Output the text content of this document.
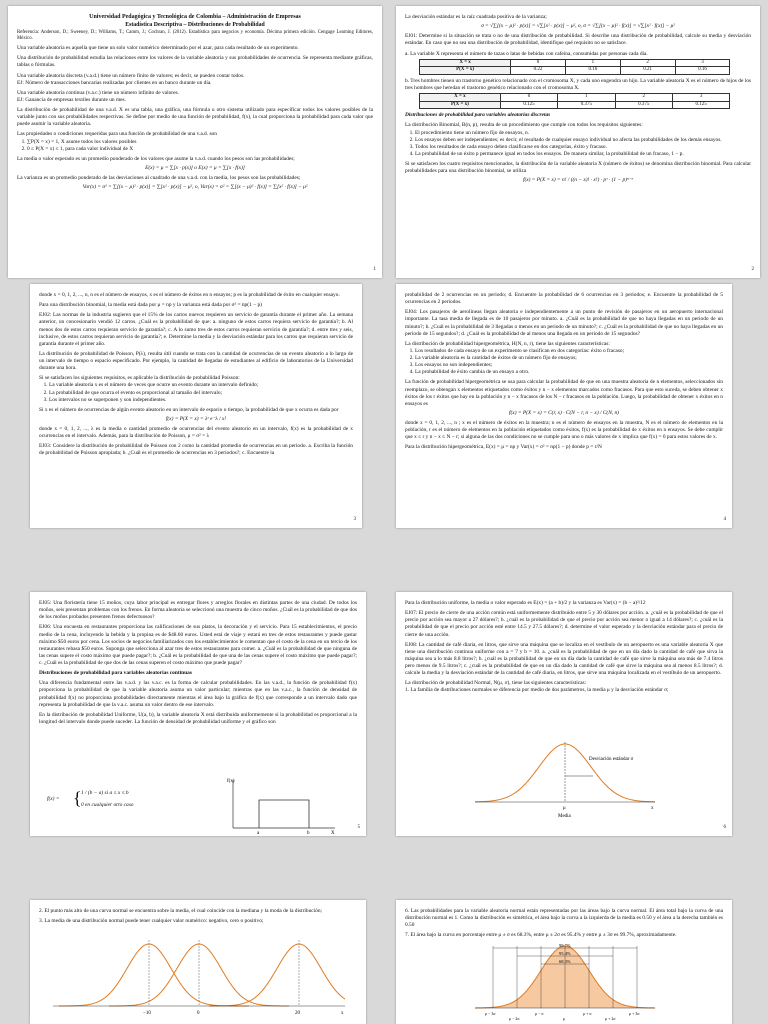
Universidad Pedagógica y Tecnológica de Colombia – Administración de Empresas
Estadística Descriptiva – Distribuciones de Probabilidad

Referencia: Anderson, D.; Sweeney, D.; Williams, T.; Camm, J.; Cochran, J. (2012). Estadística para negocios y economía. Décima primera edición. Cengage Learning Editores, México.

Una variable aleatoria es aquella que tiene un solo valor numérico determinado por el azar, para cada resultado de un experimento.

Una distribución de probabilidad estudia las relaciones entre los valores de la variable aleatoria y sus probabilidades de ocurrencia. Se representa mediante gráficas, tablas o fórmulas.

Una variable aleatoria discreta (v.a.d.) tiene un número finito de valores; es decir, se pueden contar todos.

EJ: Número de transacciones bancarias realizadas por clientes en un banco durante un día.

Una variable aleatoria continua (v.a.c.) tiene un número infinito de valores.

EJ: Ganancia de empresas textiles durante un mes.

La distribución de probabilidad de una v.a.d. X es una tabla, una gráfica, una fórmula u otro sistema utilizado para especificar todos los valores posibles de la variable junto con sus probabilidades respectivas. Se define por medio de una función de probabilidad, f(x), la cual proporciona la probabilidad para cada valor que puede asumir la variable aleatoria.

Las propiedades o condiciones requeridas para una función de probabilidad de una v.a.d. son

1. ∑P(X = x) = 1, X asume todos los valores posibles
2. 0 ≤ P(X = x) ≤ 1, para cada valor individual de X

La media o valor esperado es un promedio ponderado de los valores que asume la v.a.d. cuando los pesos son las probabilidades;

E(x) = μ = ∑[x · p(x)] o E(x) = μ = ∑[x · f(x)]

La varianza es un promedio ponderado de las desviaciones al cuadrado de una v.a.d. con la media, los pesos son las probabilidades;

Var(x) = σ² = ∑[(x − μ)² · p(x)] = ∑[x² · p(x)] − μ², o, Var(x) = σ² = ∑[(x − μ)² · f(x)] = ∑[x² · f(x)] − μ²
1

La desviación estándar es la raíz cuadrada positiva de la varianza;

σ = √∑[(x − μ)² · p(x)] = √∑[x² · p(x)] − μ², o, σ = √∑[(x − μ)² · f(x)] = √∑[x² · f(x)] − μ²

EJ01: Determine si la situación se trata o no de una distribución de probabilidad. Si describe una distribución de probabilidad, calcule su media y desviación estándar. En caso que no sea una distribución de probabilidad, identifique qué requisito no se satisface.

a. La variable X representa el número de tazas o latas de bebidas con cafeína, consumidas por personas cada día.

X = x	0	1	2	3
P(X = x)	0.22	0.16	0.21	0.16

b. Tres hombres tienen un trastorno genético relacionado con el cromosoma X, y cada uno engendra un hijo. La variable aleatoria X es el número de hijos de los tres hombres que heredan el trastorno genético relacionado con el cromosoma X.

X = x	0	1	2	3
P(X = x)	0.125	0.375	0.375	0.125

Distribuciones de probabilidad para variables aleatorias discretas

La distribución Binomial, B(n, p), resulta de un procedimiento que cumple con todos los requisitos siguientes:

1. El procedimiento tiene un número fijo de ensayos, n.
2. Los ensayos deben ser independientes; es decir, el resultado de cualquier ensayo individual no afecta las probabilidades de los demás ensayos.
3. Todos los resultados de cada ensayo deben clasificarse en dos categorías, éxito y fracaso.
4. La probabilidad de un éxito p permanece igual en todos los ensayos. De manera similar, la probabilidad de un fracaso, 1 − p.

Si se satisfacen los cuatro requisitos mencionados, la distribución de la variable aleatoria X (número de éxitos) se denomina distribución binomial. Para calcular probabilidades para una distribución binomial, se utiliza

f(x) = P(X = x) = n! / ((n − x)! · x!) · pˣ · (1 − p)ⁿ⁻ˣ
2

donde x = 0, 1, 2, ..., n, n es el número de ensayos, x es el número de éxitos en n ensayos; p es la probabilidad de éxito en cualquier ensayo.

Para una distribución binomial, la media está dada por μ = np y la varianza está dada por σ² = np(1 − p)

EJ02: Las normas de la industria sugieren que el 15% de los carros nuevos requieren un servicio de garantía durante el primer año. La semana anterior, un concesionario vendió 12 carros. ¿Cuál es la probabilidad de que: a. ninguno de estos carros requiera servicio de garantía?; b. Al menos dos de estos carros requieran servicio de garantía?; c. A lo sumo tres de estos carros requieran servicio de garantía?; d. entre tres y seis, inclusive, de estos carros requieran servicio de garantía?; e. Determine la media y la desviación estándar para los carros que requieran servicio de garantía durante el primer año.

La distribución de probabilidad de Poisson, P(λ), resulta útil cuando se trata con la cantidad de ocurrencias de un evento aleatorio a lo largo de un intervalo de tiempo o espacio especificado. Por ejemplo, la cantidad de llegadas de estudiantes al edificio de laboratorios de la Universidad durante una hora.

Si se satisfacen los siguientes requisitos, es aplicable la distribución de probabilidad Poisson:

1. La variable aleatoria x es el número de veces que ocurre un evento durante un intervalo definido;
2. La probabilidad de que ocurra el evento es proporcional al tamaño del intervalo;
3. Los intervalos no se superponen y son independientes.

Si x es el número de ocurrencias de algún evento aleatorio en un intervalo de espacio o tiempo, la probabilidad de que x ocurra es dada por

f(x) = P(X = x) = λˣ e⁻λ / x!

donde x = 0, 1, 2, ..., λ es la media o cantidad promedio de ocurrencias del evento aleatorio en un intervalo, f(x) es la probabilidad de x ocurrencias en el intervalo. Además, para la distribución de Poisson, μ = σ² = λ

EJ03: Considere la distribución de probabilidad de Poisson con 2 como la cantidad promedio de ocurrencias en un periodo. a. Escriba la función de probabilidad de Poisson apropiada; b. ¿Cuál es el promedio de ocurrencias en 3 periodos?; c. Encuentre la

3

probabilidad de 2 ocurrencias en un periodo; d. Encuentre la probabilidad de 6 ocurrencias en 3 periodos; e. Encuentre la probabilidad de 5 ocurrencias en 2 periodos.

EJ04: Los pasajeros de aerolíneas llegan aleatoria e independientemente a un punto de revisión de pasajeros en un aeropuerto internacional importante. La tasa media de llegada es de 10 pasajeros por minuto. a. ¿Cuál es la probabilidad de que no haya llegadas en un periodo de un minuto?; b. ¿Cuál es la probabilidad de 3 llegadas o menos en un periodo de un minuto?; c. ¿Cuál es la probabilidad de que no haya llegadas en un periodo de 15 segundos?; d. ¿Cuál es la probabilidad de al menos una llegada en un periodo de 15 segundos?

La distribución de probabilidad hipergeométrica, H(N, n, r), tiene las siguientes características:

1. Los resultados de cada ensayo de un experimento se clasifican en dos categorías: éxito o fracaso;
2. La variable aleatoria es la cantidad de éxitos de un número fijo de ensayos;
3. Los ensayos no son independientes;
4. La probabilidad de éxito cambia de un ensayo a otro.

La función de probabilidad hipergeométrica se usa para calcular la probabilidad de que en una muestra aleatoria de n elementos, seleccionados sin reemplazo, se obtengan x elementos etiquetados como éxitos y n − x elementos marcados como fracasos. Para que esto suceda, se deben obtener x éxitos de los r éxitos que hay en la población y n − x fracasos de los N − r fracasos en la población. Luego, la probabilidad de obtener x éxitos en n ensayos es

f(x) = P(X = x) = C(r, x) · C(N − r, n − x) / C(N, n)

donde x = 0, 1, 2, ..., n ; x es el número de éxitos en la muestra; n es el número de ensayos en la muestra, N es el número de elementos en la población, r es el número de elementos en la población etiquetados como éxitos, f(x) es la probabilidad de x éxitos en n ensayos. Se debe cumplir que x ≤ r y n − x ≤ N − r; si alguna de las dos condiciones no se cumple para uno o más valores de x implica que f(x) = 0 para estos valores de x.

Para la distribución hipergeométrica, E(x) = μ = np y Var(x) = σ² = np(1 − p) donde p = r/N

4

EJ05: Una floristería tiene 15 moños, cuya labor principal es entregar flores y arreglos florales en distintas partes de una ciudad. De todos los moños, seis presentan problemas con los frenos. En forma aleatoria se seleccionó una muestra de cinco moños. ¿Cuál es la probabilidad de que dos de los moños probados presenten frenos defectuosos?

EJ06: Una encuesta en restaurantes proporciona las calificaciones de sus platos, la decoración y el servicio. Para 15 establecimientos, el precio medio de la cena, incluyendo la bebida y la propina es de $48.60 euros. Usted está de viaje y estará en tres de estos restaurantes y puede gastar máximo $50 euros por cena. Los socios de negocios familiarizados con los establecimientos le comentan que el costo de la cena en un tercio de los restaurantes rebasa $50 euros. Suponga que selecciona al azar tres de estos restaurantes para comer. a. ¿Cuál es la probabilidad de que ninguna de las cenas supere el costo máximo que puede pagar?; b. ¿Cuál es la probabilidad de que una de las cenas supere el costo máximo que puede pagar?; c. ¿Cuál es la probabilidad de que dos de las cenas superen el costo máximo que puede pagar?

Distribuciones de probabilidad para variables aleatorias continuas

Una diferencia fundamental entre las v.a.d. y las v.a.c. es la forma de calcular probabilidades. En las v.a.d., la función de probabilidad f(x) proporciona la probabilidad de que la variable aleatoria asuma un valor particular; mientras que en las v.a.c., la función de densidad de probabilidad f(x) no proporciona probabilidades directamente mientras el área bajo la gráfica de f(x) que corresponde a un intervalo dado que representa la probabilidad de que la v.a.c. asuma un valor dentro de ese intervalo.

En la distribución de probabilidad Uniforme, U(a, b), la variable aleatoria X está distribuida uniformemente si la probabilidad es proporcional a la longitud del intervalo donde puede suceder. La función de densidad de probabilidad uniforme y el gráfico son

f(x) = { 1 / (b − a) si a ≤ x ≤ b
0 en cualquier otro caso
f(x)
a	b	X
5

Para la distribución uniforme, la media o valor esperado es E(x) = (a + b)/2 y la varianza es Var(x) = (b − a)²/12

EJ07: El precio de cierre de una acción común está uniformemente distribuido entre 5 y 30 dólares por acción. a. ¿cuál es la probabilidad de que el precio por acción sea mayor a 27 dólares?; b. ¿cuál es la probabilidad de que el precio por acción sea menor o igual a 14 dólares?; c. ¿cuál es la probabilidad de que el precio por acción esté entre 14.5 y 27.5 dólares?; d. determine el valor esperado y la desviación estándar para el precio de cierre de una acción.

EJ08: La cantidad de café diaria, en litros, que sirve una máquina que se localiza en el vestíbulo de un aeropuerto es una variable aleatoria X que tiene una distribución continua uniforme con a = 7 y b = 10. a. ¿cuál es la probabilidad de que en un día dado la cantidad de café que sirva la máquina sea a lo más 8.8 litros?; b. ¿cuál es la probabilidad de que en un día dado la cantidad de café que sirve la máquina sea más de 7.4 litros pero menos de 9.5 litros?; c. ¿cuál es la probabilidad de que en un día dado la cantidad de café que sirve la máquina sea al menos 8.5 litros?; d. calcule la media y la desviación estándar de la cantidad de café diaria, en litros, que sirve una máquina localizada en el vestíbulo de un aeropuerto.

La distribución de probabilidad Normal, N(μ, σ), tiene las siguientes características:

1. La familia de distribuciones normales se diferencia por medio de dos parámetros, la media μ y la desviación estándar σ;

Desviación estándar σ
μ	x
Media
6

2. El punto más alto de una curva normal se encuentra sobre la media, el cual coincide con la mediana y la moda de la distribución;

3. La media de una distribución normal puede tener cualquier valor numérico: negativo, cero o positivo;

−10	0	20	x

6. Las probabilidades para la variable aleatoria normal están representadas por las áreas bajo la curva normal. El área total bajo la curva de una distribución normal es 1. Como la distribución es simétrica, el área bajo la curva a la izquierda de la media es 0.50 y el área a la derecha también es 0.50

7. El área bajo la curva en porcentaje entre μ ± σ es 68.3%, entre μ ± 2σ es 95.4% y entre μ ± 3σ es 99.7%, aproximadamente.

99.7%
95.4%
68.3%
μ − 3σ
μ − 2σ
μ − σ
μ
μ + σ
μ + 2σ
μ + 3σ
